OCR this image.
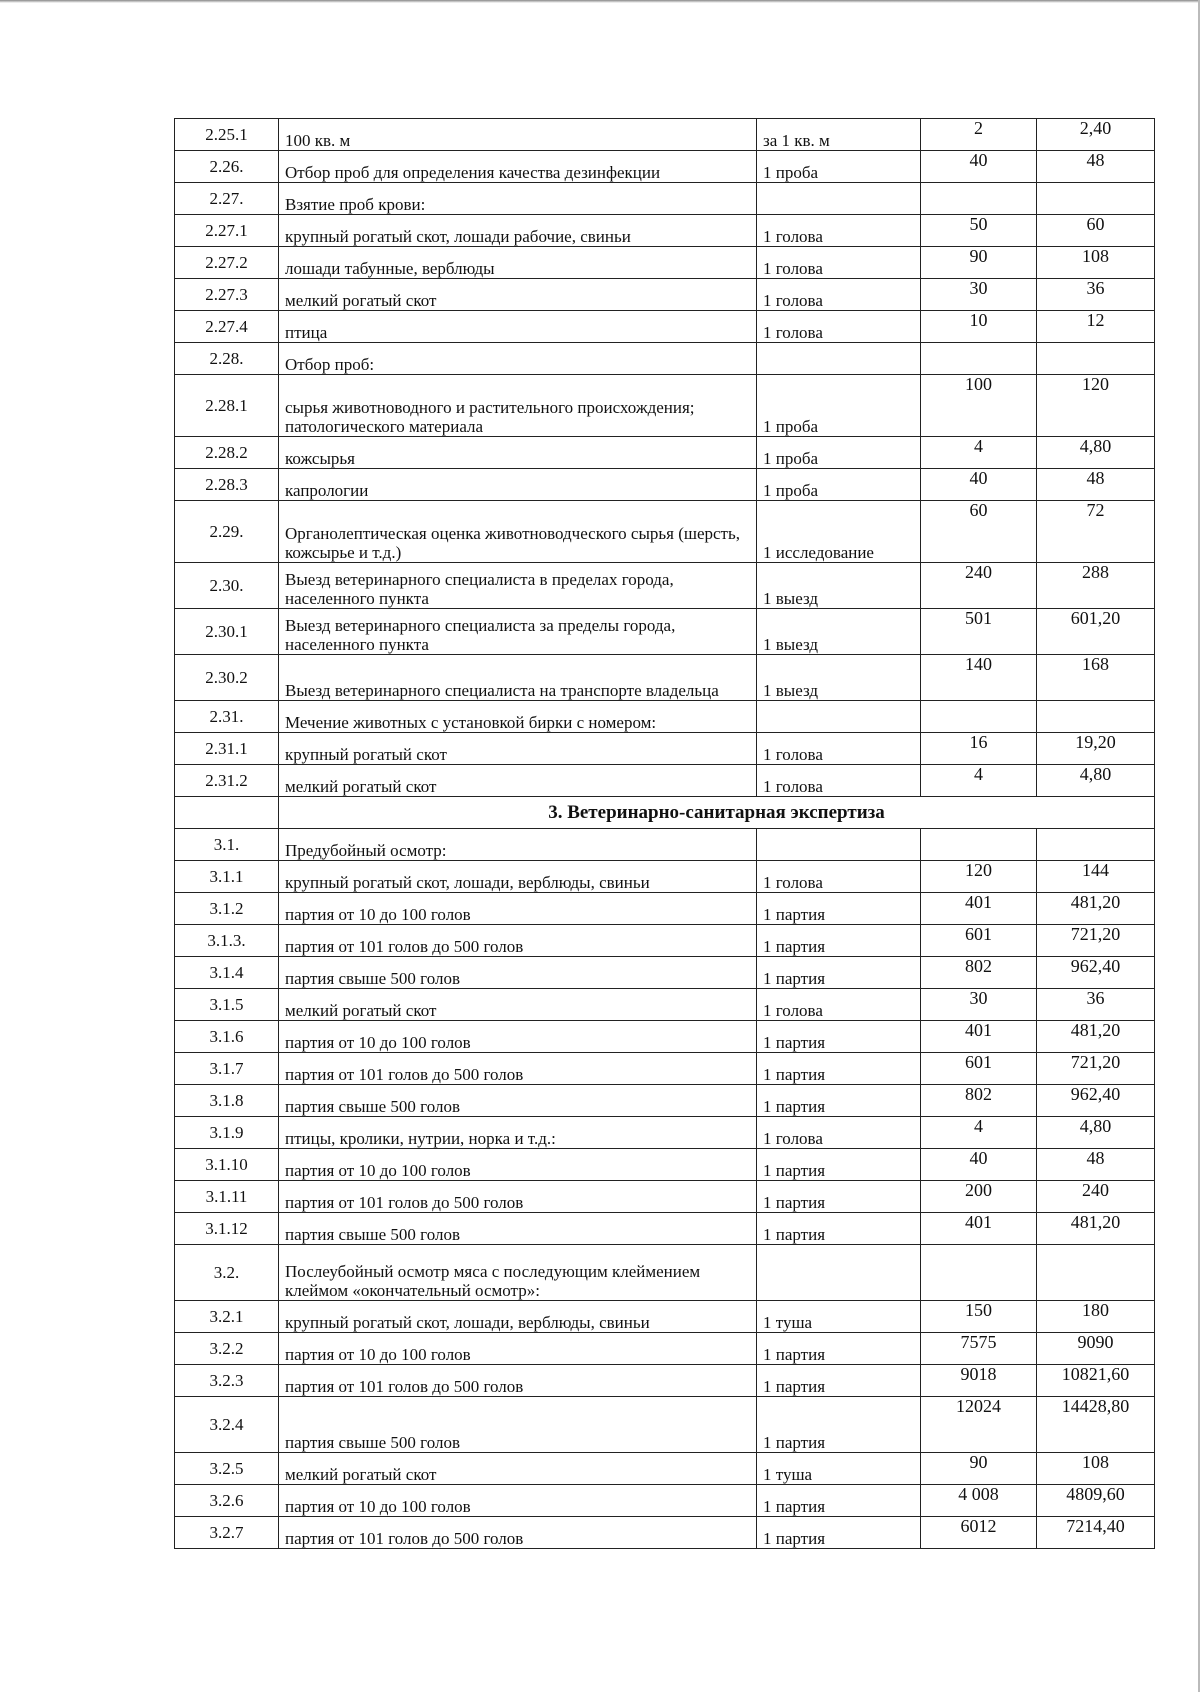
2.25.1	100 кв. м	за 1 кв. м	2	2,40
2.26.	Отбор проб для определения качества дезинфекции	1 проба	40	48
2.27.	Взятие проб крови:			
2.27.1	крупный рогатый скот, лошади рабочие, свиньи	1 голова	50	60
2.27.2	лошади табунные, верблюды	1 голова	90	108
2.27.3	мелкий рогатый скот	1 голова	30	36
2.27.4	птица	1 голова	10	12
2.28.	Отбор проб:			
2.28.1	сырья животноводного и растительного происхождения; патологического материала	1 проба	100	120
2.28.2	кожсырья	1 проба	4	4,80
2.28.3	капрологии	1 проба	40	48
2.29.	Органолептическая оценка животноводческого сырья (шерсть, кожсырье и т.д.)	1 исследование	60	72
2.30.	Выезд ветеринарного специалиста в пределах города, населенного пункта	1 выезд	240	288
2.30.1	Выезд ветеринарного специалиста за пределы города, населенного пункта	1 выезд	501	601,20
2.30.2	Выезд ветеринарного специалиста на транспорте владельца	1 выезд	140	168
2.31.	Мечение животных с установкой бирки с номером:			
2.31.1	крупный рогатый скот	1 голова	16	19,20
2.31.2	мелкий рогатый скот	1 голова	4	4,80
	3. Ветеринарно-санитарная экспертиза			
3.1.	Предубойный осмотр:			
3.1.1	крупный рогатый скот, лошади, верблюды, свиньи	1 голова	120	144
3.1.2	партия от 10 до 100 голов	1 партия	401	481,20
3.1.3.	партия от 101 голов до 500 голов	1 партия	601	721,20
3.1.4	партия свыше 500 голов	1 партия	802	962,40
3.1.5	мелкий рогатый скот	1 голова	30	36
3.1.6	партия от 10 до 100 голов	1 партия	401	481,20
3.1.7	партия от 101 голов до 500 голов	1 партия	601	721,20
3.1.8	партия свыше 500 голов	1 партия	802	962,40
3.1.9	птицы, кролики, нутрии, норка и т.д.:	1 голова	4	4,80
3.1.10	партия от 10 до 100 голов	1 партия	40	48
3.1.11	партия от 101 голов до 500 голов	1 партия	200	240
3.1.12	партия свыше 500 голов	1 партия	401	481,20
3.2.	Послеубойный осмотр мяса с последующим клеймением клеймом «окончательный осмотр»:			
3.2.1	крупный рогатый скот, лошади, верблюды, свиньи	1 туша	150	180
3.2.2	партия от 10 до 100 голов	1 партия	7575	9090
3.2.3	партия от 101 голов до 500 голов	1 партия	9018	10821,60
3.2.4	партия свыше 500 голов	1 партия	12024	14428,80
3.2.5	мелкий рогатый скот	1 туша	90	108
3.2.6	партия от 10 до 100 голов	1 партия	4 008	4809,60
3.2.7	партия от 101 голов до 500 голов	1 партия	6012	7214,40
